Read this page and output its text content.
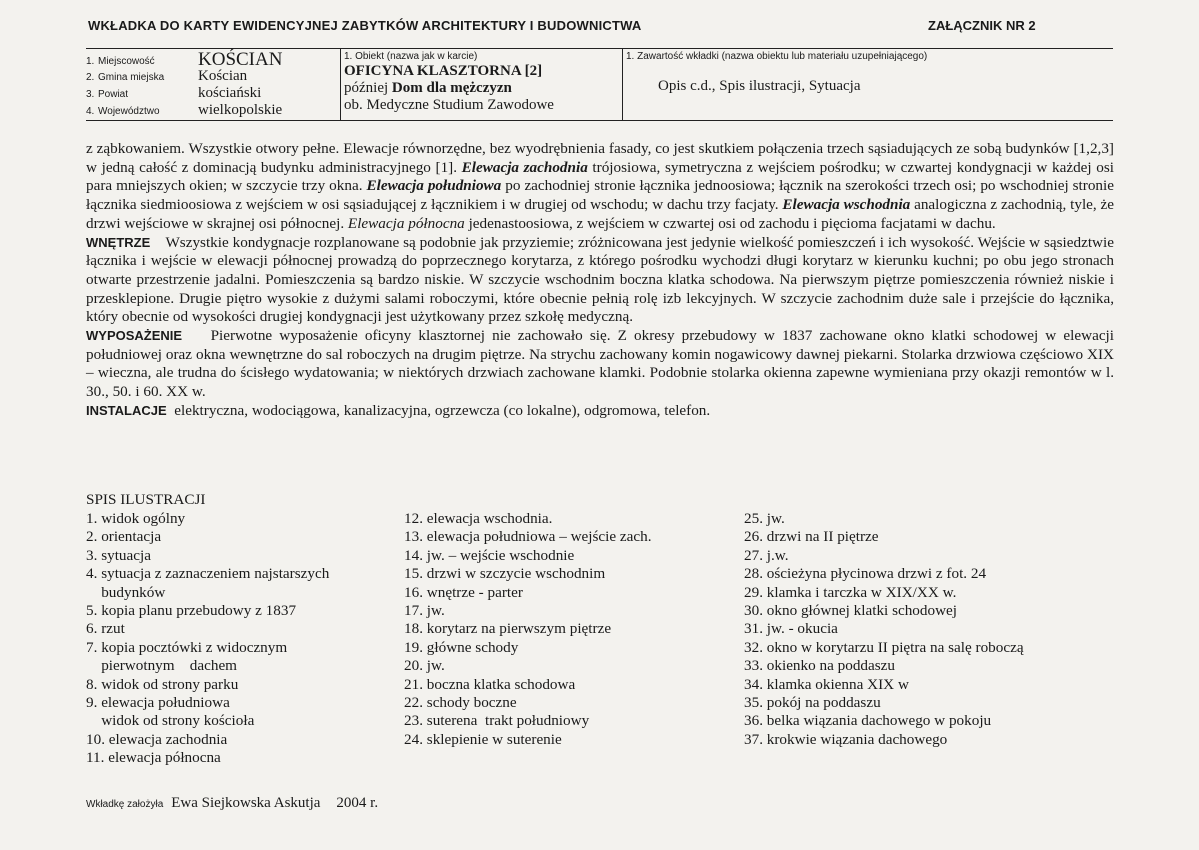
WKŁADKA DO KARTY EWIDENCYJNEJ ZABYTKÓW ARCHITEKTURY I BUDOWNICTWA	ZAŁĄCZNIK NR 2
1. Miejscowość KOŚCIAN
2. Gmina miejska Kościan
3. Powiat	kościański
4. Województwo	wielkopolskie
1. Obiekt (nazwa jak w karcie)
OFICYNA KLASZTORNA [2]
później Dom dla mężczyzn
ob. Medyczne Studium Zawodowe
1. Zawartość wkładki (nazwa obiektu lub materiału uzupełniającego)
Opis c.d., Spis ilustracji, Sytuacja

z ząbkowaniem. Wszystkie otwory pełne. Elewacje równorzędne, bez wyodrębnienia fasady, co jest skutkiem połączenia trzech sąsiadujących ze sobą budynków [1,2,3] w jedną całość z dominacją budynku administracyjnego [1]. Elewacja zachodnia trójosiowa, symetryczna z wejściem pośrodku; w czwartej kondygnacji w każdej osi para mniejszych okien; w szczycie trzy okna. Elewacja południowa po zachodniej stronie łącznika jednoosiowa; łącznik na szerokości trzech osi; po wschodniej stronie łącznika siedmioosiowa z wejściem w osi sąsiadującej z łącznikiem i w drugiej od wschodu; w dachu trzy facjaty. Elewacja wschodnia analogiczna z zachodnią, tyle, że drzwi wejściowe w skrajnej osi północnej. Elewacja północna jedenastoosiowa, z wejściem w czwartej osi od zachodu i pięcioma facjatami w dachu.

WNĘTRZE Wszystkie kondygnacje rozplanowane są podobnie jak przyziemie; zróżnicowana jest jedynie wielkość pomieszczeń i ich wysokość. Wejście w sąsiedztwie łącznika i wejście w elewacji północnej prowadzą do poprzecznego korytarza, z którego pośrodku wychodzi długi korytarz w kierunku kuchni; po obu jego stronach otwarte przestrzenie jadalni. Pomieszczenia są bardzo niskie. W szczycie wschodnim boczna klatka schodowa. Na pierwszym piętrze pomieszczenia również niskie i przesklepione. Drugie piętro wysokie z dużymi salami roboczymi, które obecnie pełnią rolę izb lekcyjnych. W szczycie zachodnim duże sale i przejście do łącznika, który obecnie od wysokości drugiej kondygnacji jest użytkowany przez szkołę medyczną.

WYPOSAŻENIE Pierwotne wyposażenie oficyny klasztornej nie zachowało się. Z okresy przebudowy w 1837 zachowane okno klatki schodowej w elewacji południowej oraz okna wewnętrzne do sal roboczych na drugim piętrze. Na strychu zachowany komin nogawicowy dawnej piekarni. Stolarka drzwiowa częściowo XIX – wieczna, ale trudna do ścisłego wydatowania; w niektórych drzwiach zachowane klamki. Podobnie stolarka okienna zapewne wymieniana przy okazji remontów w l. 30., 50. i 60. XX w.

INSTALACJE elektryczna, wodociągowa, kanalizacyjna, ogrzewcza (co lokalne), odgromowa, telefon.

SPIS ILUSTRACJI
1. widok ogólny
2. orientacja
3. sytuacja
4. sytuacja z zaznaczeniem najstarszych
budynków
5. kopia planu przebudowy z 1837
6. rzut
7. kopia pocztówki z widocznym
pierwotnym    dachem
8. widok od strony parku
9. elewacja południowa
widok od strony kościoła
10. elewacja zachodnia
11. elewacja północna
12. elewacja wschodnia.
13. elewacja południowa – wejście zach.
14. jw. – wejście wschodnie
15. drzwi w szczycie wschodnim
16. wnętrze - parter
17. jw.
18. korytarz na pierwszym piętrze
19. główne schody
20. jw.
21. boczna klatka schodowa
22. schody boczne
23. suterena  trakt południowy
24. sklepienie w suterenie
25. jw.
26. drzwi na II piętrze
27. j.w.
28. ościeżyna płycinowa drzwi z fot. 24
29. klamka i tarczka w XIX/XX w.
30. okno głównej klatki schodowej
31. jw. - okucia
32. okno w korytarzu II piętra na salę roboczą
33. okienko na poddaszu
34. klamka okienna XIX w
35. pokój na poddaszu
36. belka wiązania dachowego w pokoju
37. krokwie wiązania dachowego
Wkładkę założyła Ewa Siejkowska Askutja 2004 r.
